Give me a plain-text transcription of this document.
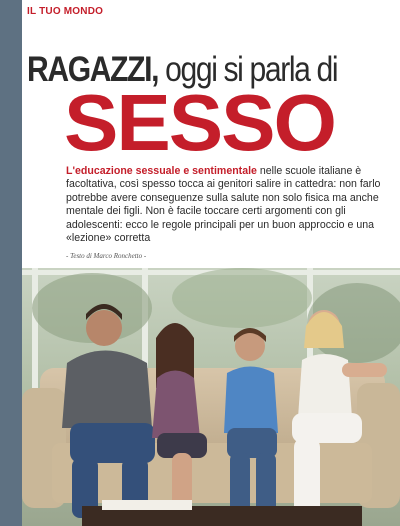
IL TUO MONDO
RAGAZZI, oggi si parla di
SESSO
L'educazione sessuale e sentimentale nelle scuole italiane è facoltativa, così spesso tocca ai genitori salire in cattedra: non farlo potrebbe avere conseguenze sulla salute non solo fisica ma anche mentale dei figli. Non è facile toccare certi argomenti con gli adolescenti: ecco le regole principali per un buon approccio e una «lezione» corretta
- Testo di Marco Ronchetto -
